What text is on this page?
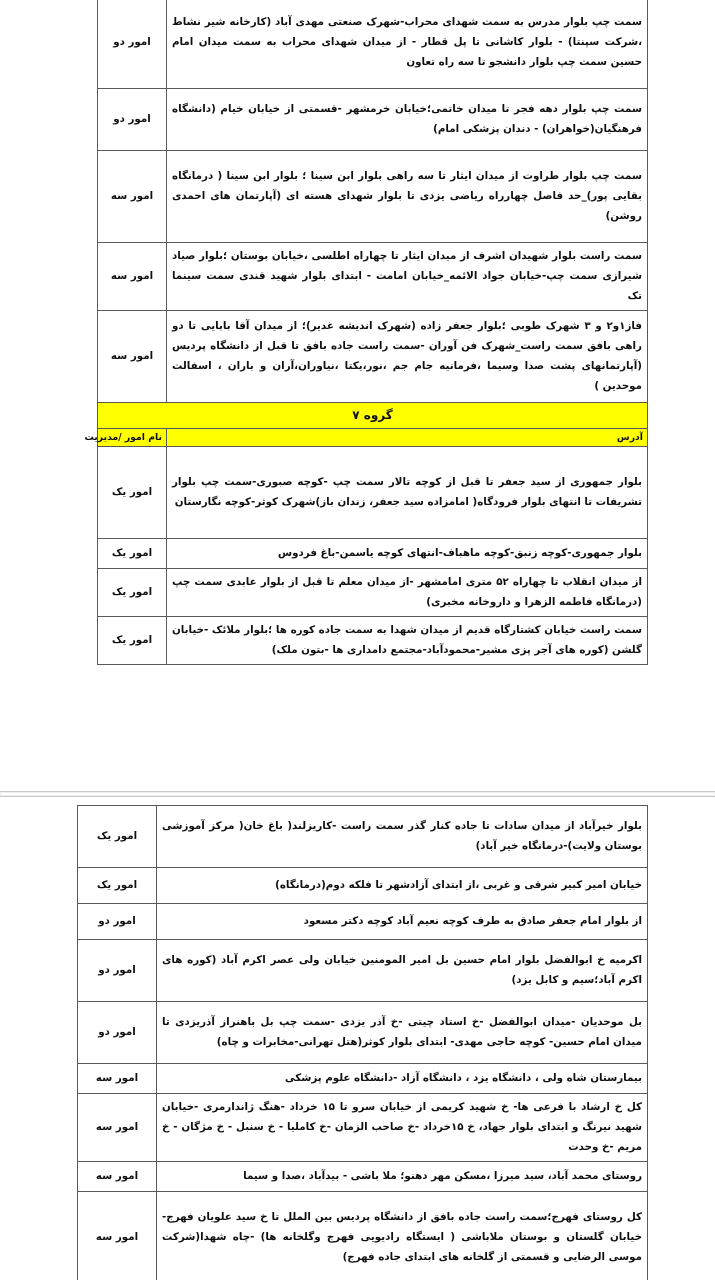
سمت چپ بلوار مدرس به سمت شهدای محراب-شهرک صنعتی مهدی آباد (کارخانه شیر نشاط ،شرکت سپنتا) - بلوار کاشانی تا پل قطار - از میدان شهدای محراب به سمت میدان امام حسین سمت چپ بلوار دانشجو تا سه راه تعاون	امور دو
سمت چپ بلوار دهه فجر تا میدان خاتمی؛خیابان خرمشهر -قسمتی از خیابان خیام (دانشگاه فرهنگیان(خواهران) - دندان پزشکی امام)	امور دو
سمت چپ بلوار طراوت از میدان ایثار تا سه راهی بلوار ابن سینا ؛ بلوار ابن سینا ( درمانگاه بقایی پور)_حد فاصل چهارراه ریاضی یزدی تا بلوار شهدای هسته ای (آپارتمان های احمدی روشن)	امور سه
سمت راست بلوار شهیدان اشرف از میدان ایثار تا چهاراه اطلسی ،خیابان بوستان ؛بلوار صیاد شیرازی سمت چپ-خیابان جواد الائمه_خیابان امامت - ابتدای بلوار شهید قندی سمت سینما تک	امور سه
فاز۱و۲ و ۳ شهرک طوبی ؛بلوار جعفر زاده (شهرک اندیشه غدیر)؛ از میدان آقا بابایی تا دو راهی بافق سمت راست_شهرک فن آوران -سمت راست جاده بافق تا قبل از دانشگاه پردیس (آپارتمانهای پشت صدا وسیما ،فرمانیه جام جم ،نور،یکتا ،نیاوران،آران و باران ، اسفالت موحدین )	امور سه
گروه ۷	
آدرس	نام امور /مدیریت
بلوار جمهوری از سید جعفر تا قبل از کوچه تالار سمت چپ -کوچه صبوری-سمت چپ بلوار تشریفات تا انتهای بلوار فرودگاه( امامزاده سید جعفر، زندان باز)شهرک کوثر-کوچه نگارستان	امور یک
بلوار جمهوری-کوچه زنبق-کوچه ماهباف-انتهای کوچه یاسمن-باغ فردوس	امور یک
از میدان انقلاب تا چهاراه ۵۲ متری امامشهر -از میدان معلم تا قبل از بلوار عابدی سمت چپ (درمانگاه فاطمه الزهرا و داروخانه مخبری)	امور یک
سمت راست خیابان کشتارگاه قدیم از میدان شهدا به سمت جاده کوره ها ؛بلوار ملائک -خیابان گلشن (کوره های آجر پزی مشیر-محمودآباد-مجتمع دامداری ها -بتون ملک)	امور یک
بلوار خیرآباد از میدان سادات تا جاده کنار گذر سمت راست -کاریزلند( باغ خان( مرکز آموزشی بوستان ولایت)-درمانگاه خیر آباد)	امور یک
خیابان امیر کبیر شرقی و غربی ،از ابتدای آزادشهر تا فلکه دوم(درمانگاه)	امور یک
از بلوار امام جعفر صادق به طرف کوچه نعیم آباد کوچه دکتر مسعود	امور دو
اکرمیه خ ابوالفضل بلوار امام حسین بل امیر المومنین خیابان ولی عصر اکرم آباد (کوره های اکرم آباد؛سیم و کابل یزد)	امور دو
بل موحدیان -میدان ابوالفضل -خ استاد چیتی -خ آذر یزدی -سمت چپ بل باهنراز آذریزدی تا میدان امام حسین- کوچه حاجی مهدی- ابتدای بلوار کوثر(هتل تهرانی-مخابرات و چاه)	امور دو
بیمارستان شاه ولی ، دانشگاه یزد ، دانشگاه آزاد -دانشگاه علوم پزشکی	امور سه
کل خ ارشاد با فرعی ها- خ شهید کریمی از خیابان سرو تا ۱۵ خرداد -هنگ ژاندارمری -خیابان شهید نیرنگ و ابتدای بلوار جهاد، خ ۱۵خرداد -خ صاحب الزمان -خ کاملیا - خ سنبل - خ مژگان - خ مریم -خ وحدت	امور سه
روستای محمد آباد، سید میرزا ،مسکن مهر دهنو؛ ملا باشی - بیدآباد ،صدا و سیما	امور سه
کل روستای فهرج؛سمت راست جاده بافق از دانشگاه پردیس بین الملل تا خ سید علویان فهرج-خیابان گلستان و بوستان ملاباشی ( ایستگاه رادیویی فهرج وگلخانه ها) -چاه شهدا(شرکت موسی الرضایی و قسمتی از گلخانه های ابتدای جاده فهرج)	امور سه
